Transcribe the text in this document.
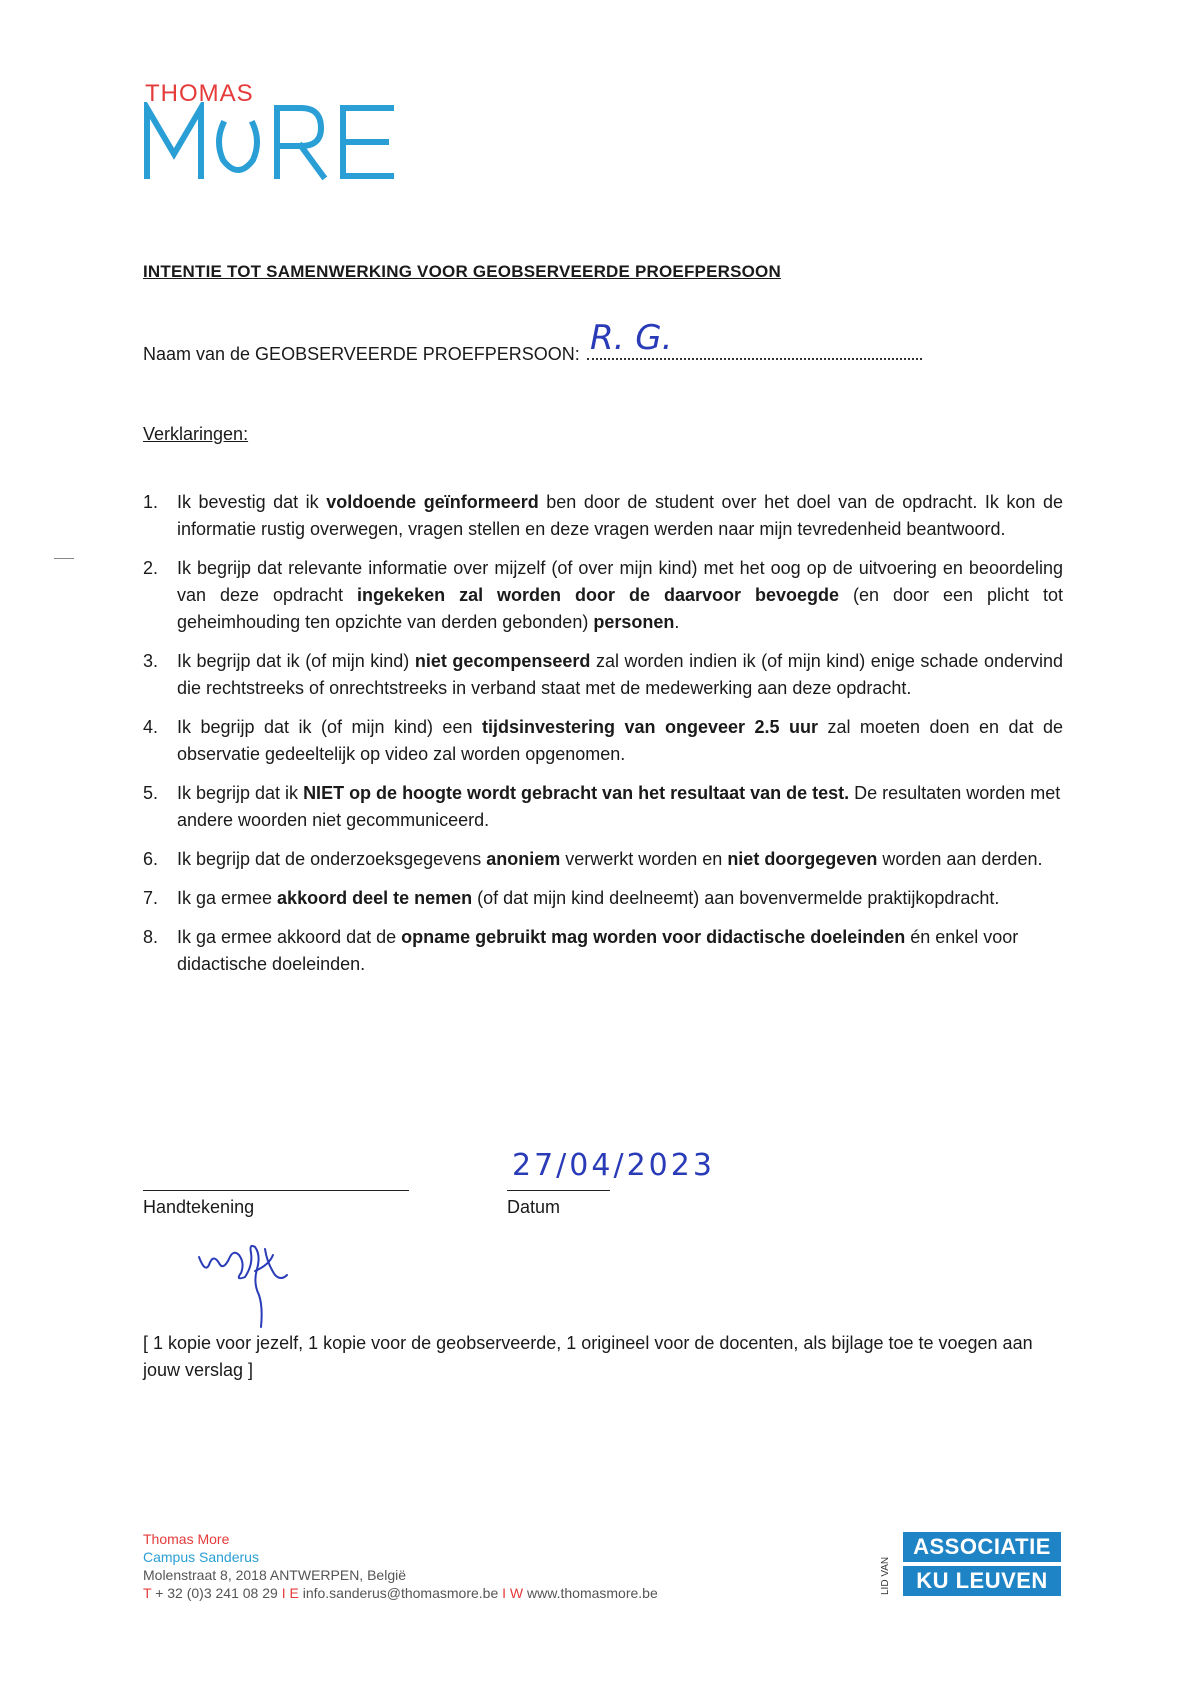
THOMAS
INTENTIE TOT SAMENWERKING VOOR GEOBSERVEERDE PROEFPERSOON
Naam van de GEOBSERVEERDE PROEFPERSOON: R. G.
Verklaringen:
1.	Ik bevestig dat ik voldoende geïnformeerd ben door de student over het doel van de opdracht. Ik kon de informatie rustig overwegen, vragen stellen en deze vragen werden naar mijn tevredenheid beantwoord.
2.	Ik begrijp dat relevante informatie over mijzelf (of over mijn kind) met het oog op de uitvoering en beoordeling van deze opdracht ingekeken zal worden door de daarvoor bevoegde (en door een plicht tot geheimhouding ten opzichte van derden gebonden) personen.
3.	Ik begrijp dat ik (of mijn kind) niet gecompenseerd zal worden indien ik (of mijn kind) enige schade ondervind die rechtstreeks of onrechtstreeks in verband staat met de medewerking aan deze opdracht.
4.	Ik begrijp dat ik (of mijn kind) een tijdsinvestering van ongeveer 2.5 uur zal moeten doen en dat de observatie gedeeltelijk op video zal worden opgenomen.
5.	Ik begrijp dat ik NIET op de hoogte wordt gebracht van het resultaat van de test. De resultaten worden met andere woorden niet gecommuniceerd.
6.	Ik begrijp dat de onderzoeksgegevens anoniem verwerkt worden en niet doorgegeven worden aan derden.
7.	Ik ga ermee akkoord deel te nemen (of dat mijn kind deelneemt) aan bovenvermelde praktijkopdracht.
8.	Ik ga ermee akkoord dat de opname gebruikt mag worden voor didactische doeleinden én enkel voor didactische doeleinden.
27/04/2023
Handtekening	Datum
[ 1 kopie voor jezelf, 1 kopie voor de geobserveerde, 1 origineel voor de docenten, als bijlage toe te voegen aan jouw verslag ]
Thomas More
Campus Sanderus
Molenstraat 8, 2018 ANTWERPEN, België
T + 32 (0)3 241 08 29 I E info.sanderus@thomasmore.be I W www.thomasmore.be	LID VAN
ASSOCIATIE
KU LEUVEN
